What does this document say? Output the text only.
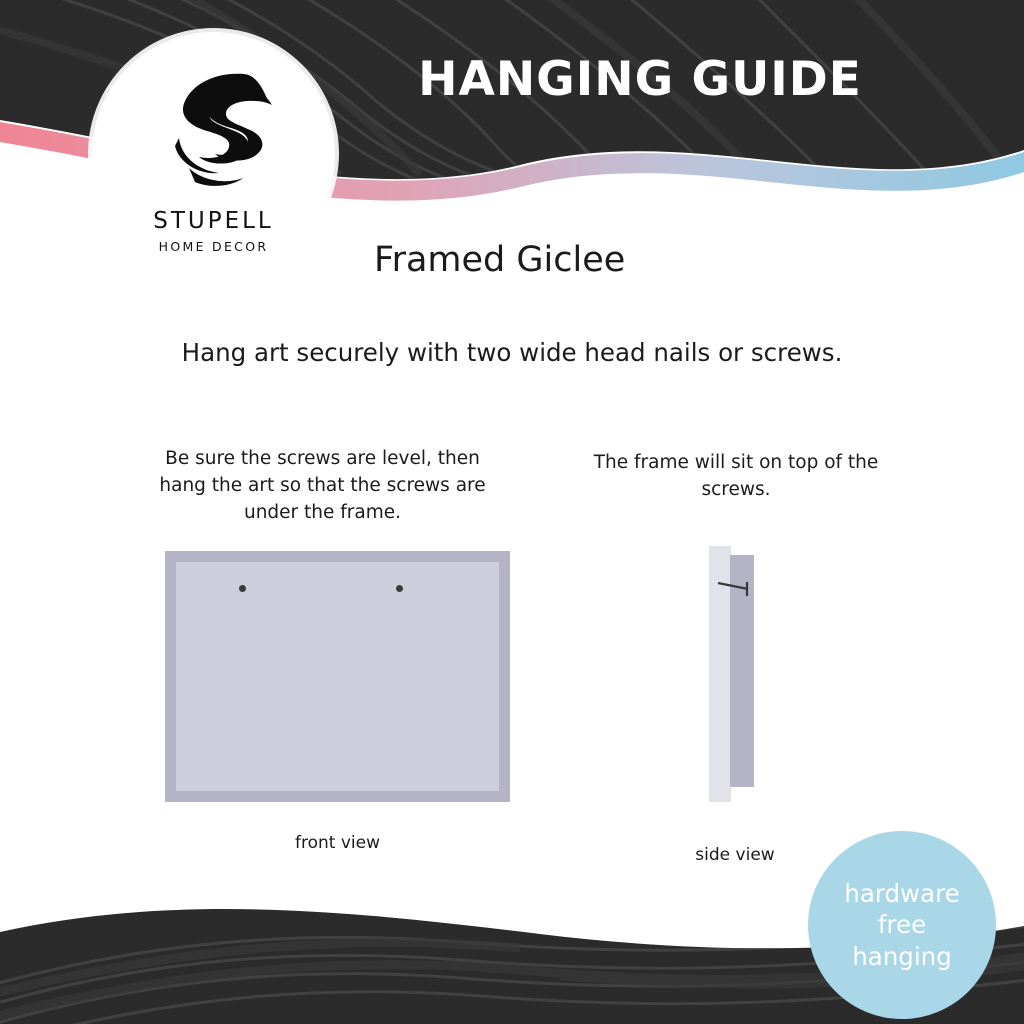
HANGING GUIDE
STUPELL
HOME DECOR	Framed Giclee
Hang art securely with two wide head nails or screws.
Be sure the screws are level, then hang the art so that the screws are under the frame.
front view
The frame will sit on top of the screws.
side view
hardware
free
hanging
